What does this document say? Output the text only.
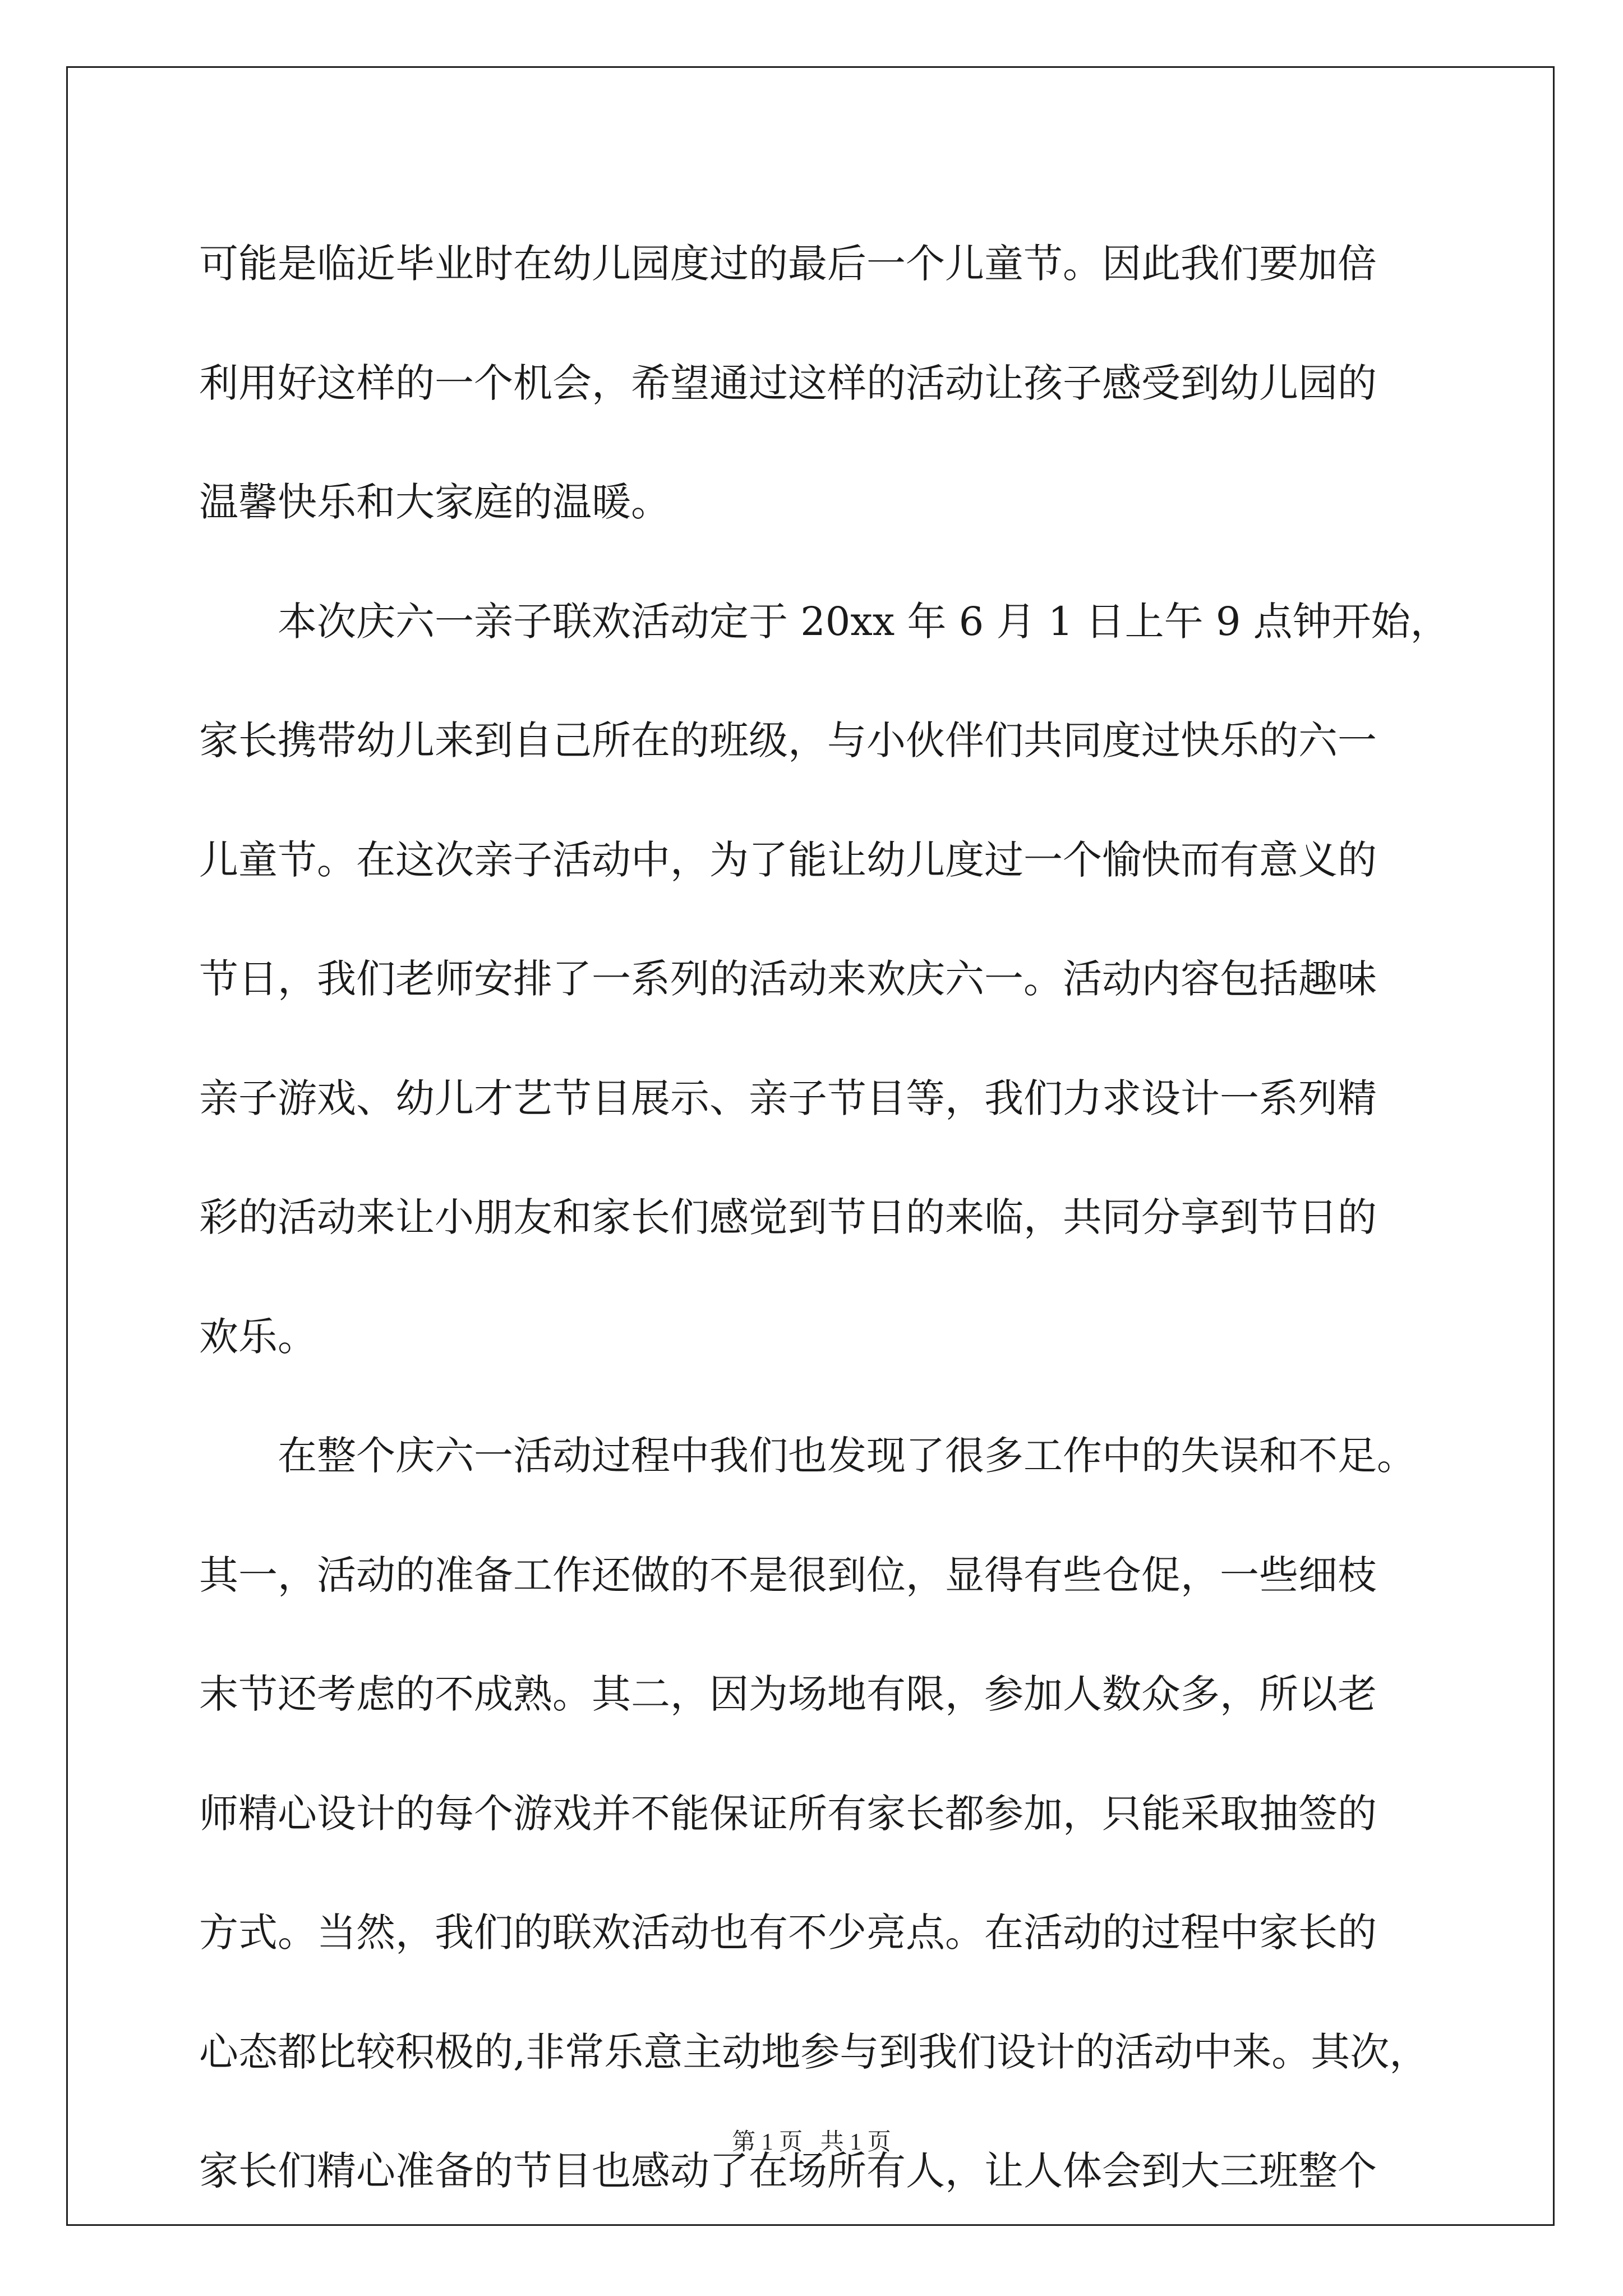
可能是临近毕业时在幼儿园度过的最后一个儿童节。因此我们要加倍
利用好这样的一个机会，希望通过这样的活动让孩子感受到幼儿园的
温馨快乐和大家庭的温暖。
本次庆六一亲子联欢活动定于 20xx 年 6 月 1 日上午 9 点钟开始，
家长携带幼儿来到自己所在的班级，与小伙伴们共同度过快乐的六一
儿童节。在这次亲子活动中，为了能让幼儿度过一个愉快而有意义的
节日，我们老师安排了一系列的活动来欢庆六一。活动内容包括趣味
亲子游戏、幼儿才艺节目展示、亲子节目等，我们力求设计一系列精
彩的活动来让小朋友和家长们感觉到节日的来临，共同分享到节日的
欢乐。
在整个庆六一活动过程中我们也发现了很多工作中的失误和不足。
其一，活动的准备工作还做的不是很到位，显得有些仓促，一些细枝
末节还考虑的不成熟。其二，因为场地有限，参加人数众多，所以老
师精心设计的每个游戏并不能保证所有家长都参加，只能采取抽签的
方式。当然，我们的联欢活动也有不少亮点。在活动的过程中家长的
心态都比较积极的,非常乐意主动地参与到我们设计的活动中来。其次，
家长们精心准备的节目也感动了在场所有人，让人体会到大三班整个
第 1 页   共 1 页
